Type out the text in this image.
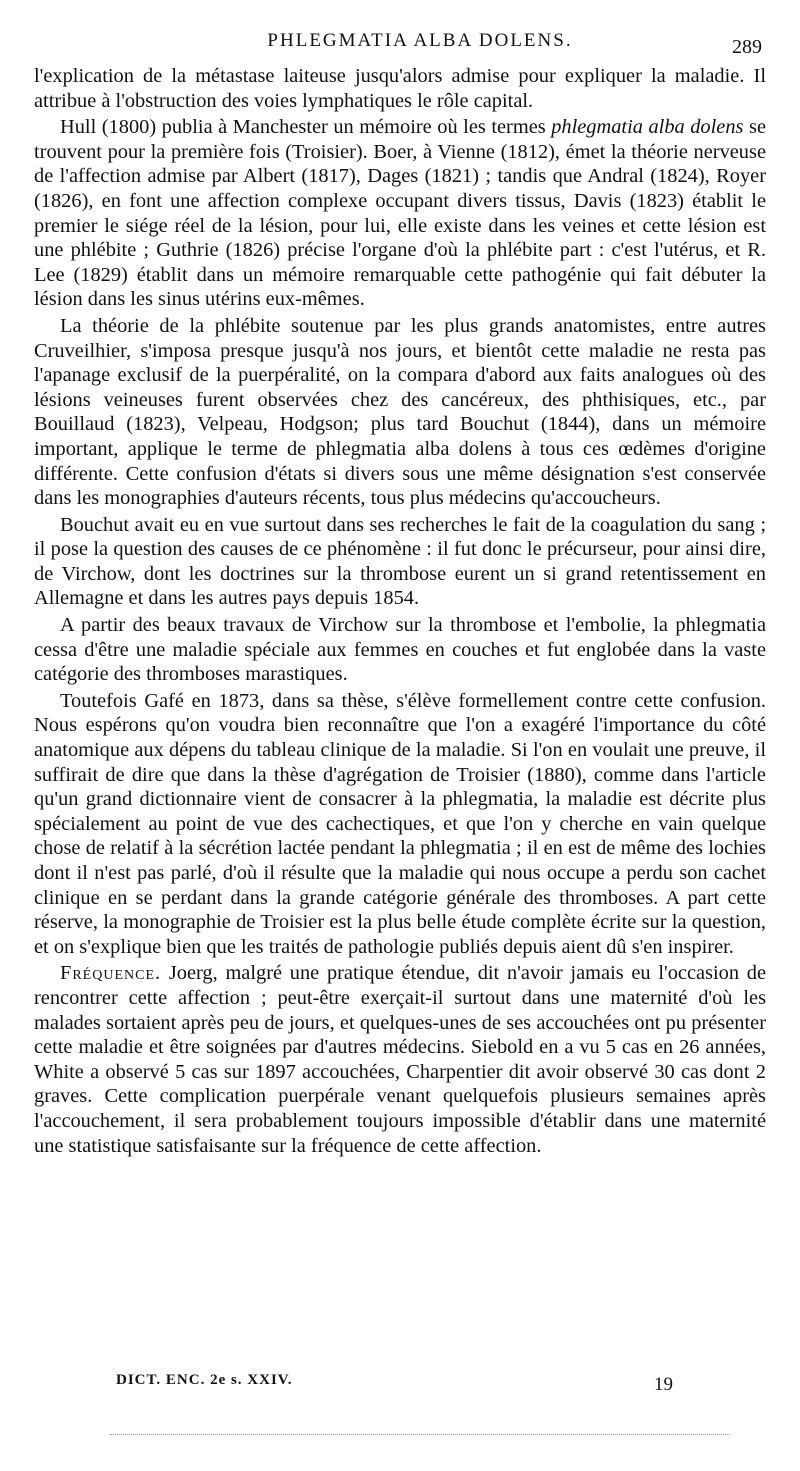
PHLEGMATIA ALBA DOLENS.	289

l'explication de la métastase laiteuse jusqu'alors admise pour expliquer la maladie. Il attribue à l'obstruction des voies lymphatiques le rôle capital.

Hull (1800) publia à Manchester un mémoire où les termes phlegmatia alba dolens se trouvent pour la première fois (Troisier). Boer, à Vienne (1812), émet la théorie nerveuse de l'affection admise par Albert (1817), Dages (1821) ; tandis que Andral (1824), Royer (1826), en font une affection complexe occupant divers tissus, Davis (1823) établit le premier le siége réel de la lésion, pour lui, elle existe dans les veines et cette lésion est une phlébite ; Guthrie (1826) précise l'organe d'où la phlébite part : c'est l'utérus, et R. Lee (1829) établit dans un mémoire remarquable cette pathogénie qui fait débuter la lésion dans les sinus utérins eux-mêmes.

La théorie de la phlébite soutenue par les plus grands anatomistes, entre autres Cruveilhier, s'imposa presque jusqu'à nos jours, et bientôt cette maladie ne resta pas l'apanage exclusif de la puerpéralité, on la compara d'abord aux faits analogues où des lésions veineuses furent observées chez des cancéreux, des phthisiques, etc., par Bouillaud (1823), Velpeau, Hodgson; plus tard Bouchut (1844), dans un mémoire important, applique le terme de phlegmatia alba dolens à tous ces œdèmes d'origine différente. Cette confusion d'états si divers sous une même désignation s'est conservée dans les monographies d'auteurs récents, tous plus médecins qu'accoucheurs.

Bouchut avait eu en vue surtout dans ses recherches le fait de la coagulation du sang ; il pose la question des causes de ce phénomène : il fut donc le précurseur, pour ainsi dire, de Virchow, dont les doctrines sur la thrombose eurent un si grand retentissement en Allemagne et dans les autres pays depuis 1854.

A partir des beaux travaux de Virchow sur la thrombose et l'embolie, la phlegmatia cessa d'être une maladie spéciale aux femmes en couches et fut englobée dans la vaste catégorie des thromboses marastiques.

Toutefois Gafé en 1873, dans sa thèse, s'élève formellement contre cette confusion. Nous espérons qu'on voudra bien reconnaître que l'on a exagéré l'importance du côté anatomique aux dépens du tableau clinique de la maladie. Si l'on en voulait une preuve, il suffirait de dire que dans la thèse d'agrégation de Troisier (1880), comme dans l'article qu'un grand dictionnaire vient de consacrer à la phlegmatia, la maladie est décrite plus spécialement au point de vue des cachectiques, et que l'on y cherche en vain quelque chose de relatif à la sécrétion lactée pendant la phlegmatia ; il en est de même des lochies dont il n'est pas parlé, d'où il résulte que la maladie qui nous occupe a perdu son cachet clinique en se perdant dans la grande catégorie générale des thromboses. A part cette réserve, la monographie de Troisier est la plus belle étude complète écrite sur la question, et on s'explique bien que les traités de pathologie publiés depuis aient dû s'en inspirer.

Fréquence. Joerg, malgré une pratique étendue, dit n'avoir jamais eu l'occasion de rencontrer cette affection ; peut-être exerçait-il surtout dans une maternité d'où les malades sortaient après peu de jours, et quelques-unes de ses accouchées ont pu présenter cette maladie et être soignées par d'autres médecins. Siebold en a vu 5 cas en 26 années, White a observé 5 cas sur 1897 accouchées, Charpentier dit avoir observé 30 cas dont 2 graves. Cette complication puerpérale venant quelquefois plusieurs semaines après l'accouchement, il sera probablement toujours impossible d'établir dans une maternité une statistique satisfaisante sur la fréquence de cette affection.

DICT. ENC. 2e s. XXIV.	19
